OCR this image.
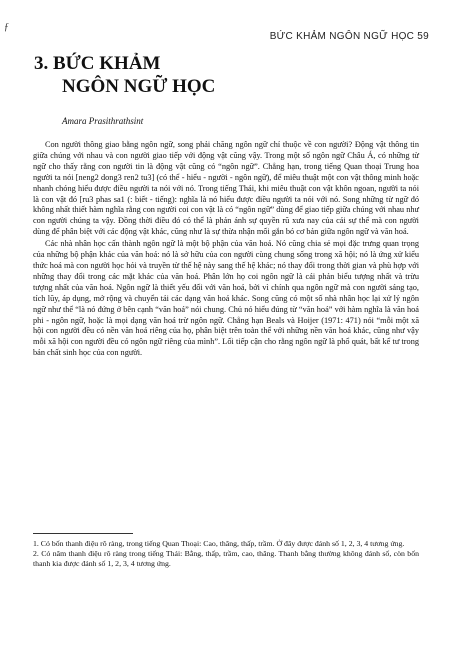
ƒ
BỨC KHẢM NGÔN NGỮ HỌC 59
3. BỨC KHẢM
NGÔN NGỮ HỌC

Amara Prasithrathsint

Con người thông giao bằng ngôn ngữ, song phải chăng ngôn ngữ chỉ thuộc về con người? Động vật thông tin giữa chúng với nhau và con người giao tiếp với động vật cũng vậy. Trong một số ngôn ngữ Châu Á, có những từ ngữ cho thấy rằng con người tin là động vật cũng có “ngôn ngữ”. Chẳng hạn, trong tiếng Quan thoại Trung hoa người ta nói [neng2 dong3 ren2 tu3] (có thể - hiểu - người - ngôn ngữ), để miêu thuật một con vật thông minh hoặc nhanh chóng hiểu được điều người ta nói với nó. Trong tiếng Thái, khi miêu thuật con vật khôn ngoan, người ta nói là con vật đó [ru3 phas sa1 (: biết - tiếng): nghĩa là nó hiểu được điều người ta nói với nó. Song những từ ngữ đó không nhất thiết hàm nghĩa rằng con người coi con vật là có “ngôn ngữ” dùng để giao tiếp giữa chúng với nhau như con người chúng ta vậy. Đồng thời điều đó có thể là phản ánh sự quyền rũ xưa nay của cái sự thể mà con người dùng để phân biệt với các động vật khác, cũng như là sự thừa nhận mối gắn bó cơ bản giữa ngôn ngữ và văn hoá.

Các nhà nhân học cấn thành ngôn ngữ là một bộ phận của văn hoá. Nó cũng chia sẻ mọi đặc trưng quan trọng của những bộ phận khác của văn hoá: nó là sở hữu của con người cùng chung sống trong xã hội; nó là ứng xử kiểu thức hoá mà con người học hỏi và truyền từ thế hệ này sang thế hệ khác; nó thay đổi trong thời gian và phù hợp với những thay đổi trong các mặt khác của văn hoá. Phân lớn họ coi ngôn ngữ là cái phản biểu tượng nhất và trừu tượng nhất của văn hoá. Ngôn ngữ là thiết yếu đối với văn hoá, bởi vì chính qua ngôn ngữ mà con người sáng tạo, tích lũy, áp dụng, mở rộng và chuyển tải các dạng văn hoá khác. Song cũng có một số nhà nhân học lại xử lý ngôn ngữ như thể “là nó đứng ở bên cạnh “văn hoá” nói chung. Chủ nó hiểu đúng từ “văn hoá” với hàm nghĩa là văn hoá phi - ngôn ngữ, hoặc là mọi dạng văn hoá trừ ngôn ngữ. Chẳng hạn Beals và Hoijer (1971: 471) nói “mỗi một xã hội con người đều có nền văn hoá riêng của họ, phân biệt trên toàn thể với những nền văn hoá khác, cũng như vậy mỗi xã hội con người đều có ngôn ngữ riêng của mình”. Lối tiếp cận cho rằng ngôn ngữ là phổ quát, bất kể tư trong bản chất sinh học của con người.

1. Có bốn thanh điệu rõ ràng, trong tiếng Quan Thoại: Cao, thăng, thấp, trầm. Ở đây được đánh số 1, 2, 3, 4 tương ứng.

2. Có năm thanh điệu rõ ràng trong tiếng Thái: Bằng, thấp, trầm, cao, thăng. Thanh bằng thường không đánh số, còn bốn thanh kia được đánh số 1, 2, 3, 4 tương ứng.
